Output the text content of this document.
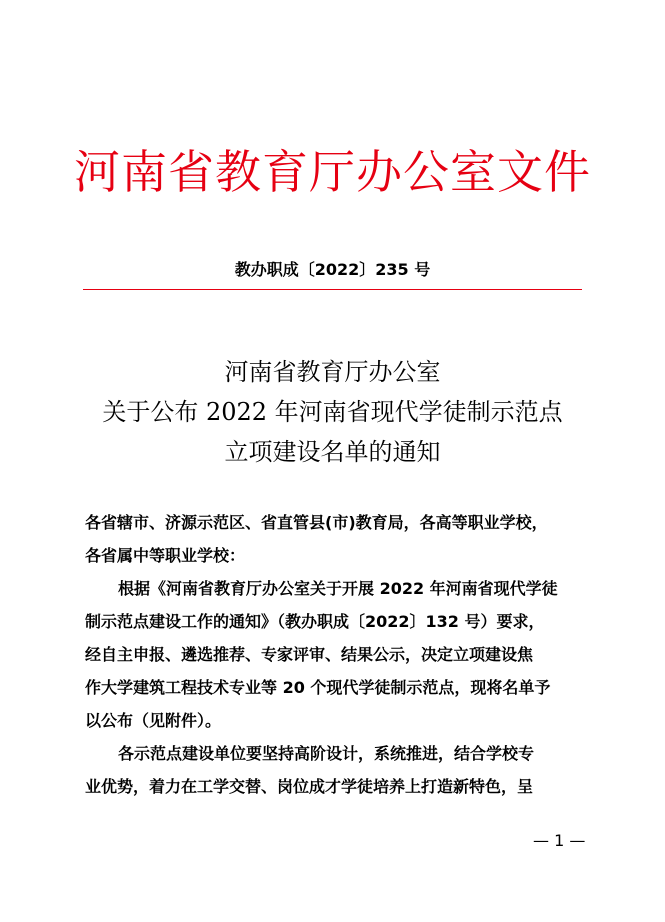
河南省教育厅办公室文件
教办职成〔2022〕235 号
河南省教育厅办公室
关于公布 2022 年河南省现代学徒制示范点
立项建设名单的通知
各省辖市、济源示范区、省直管县(市)教育局，各高等职业学校，
各省属中等职业学校：
根据《河南省教育厅办公室关于开展 2022 年河南省现代学徒
制示范点建设工作的通知》（教办职成〔2022〕132 号）要求，
经自主申报、遴选推荐、专家评审、结果公示，决定立项建设焦
作大学建筑工程技术专业等 20 个现代学徒制示范点，现将名单予
以公布（见附件）。
各示范点建设单位要坚持高阶设计，系统推进，结合学校专
业优势，着力在工学交替、岗位成才学徒培养上打造新特色，呈
— 1 —
